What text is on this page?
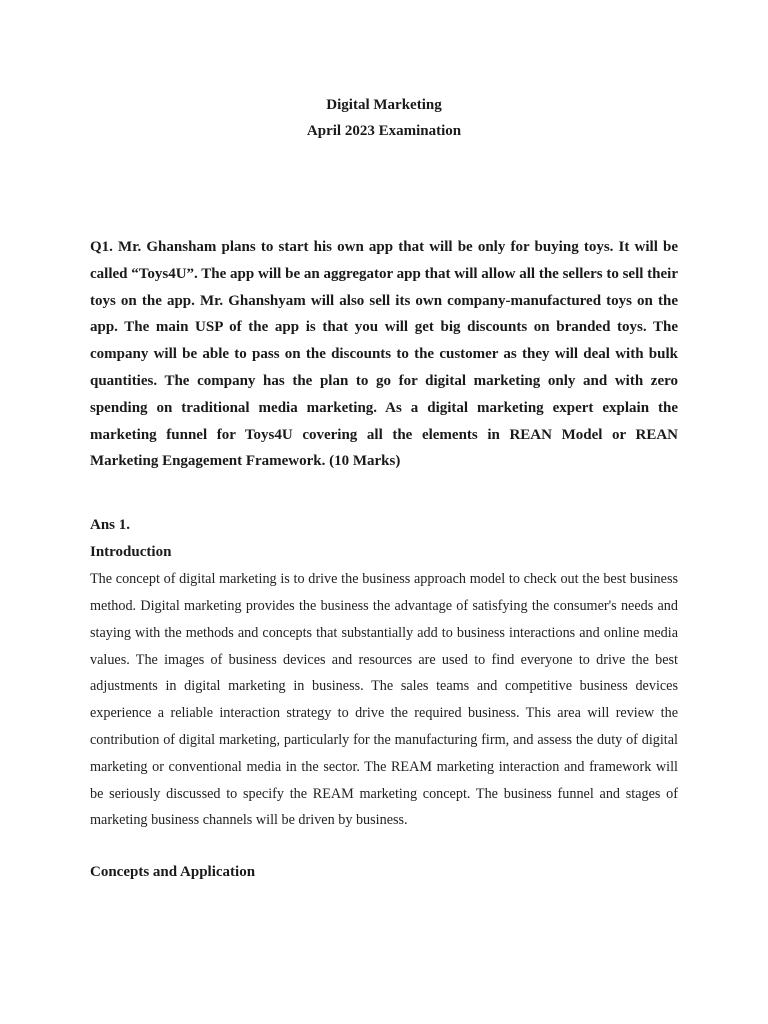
Digital Marketing
April 2023 Examination

Q1. Mr. Ghansham plans to start his own app that will be only for buying toys. It will be called “Toys4U”. The app will be an aggregator app that will allow all the sellers to sell their toys on the app. Mr. Ghanshyam will also sell its own company-manufactured toys on the app. The main USP of the app is that you will get big discounts on branded toys. The company will be able to pass on the discounts to the customer as they will deal with bulk quantities. The company has the plan to go for digital marketing only and with zero spending on traditional media marketing. As a digital marketing expert explain the marketing funnel for Toys4U covering all the elements in REAN Model or REAN Marketing Engagement Framework. (10 Marks)

Ans 1.

Introduction

The concept of digital marketing is to drive the business approach model to check out the best business method. Digital marketing provides the business the advantage of satisfying the consumer's needs and staying with the methods and concepts that substantially add to business interactions and online media values. The images of business devices and resources are used to find everyone to drive the best adjustments in digital marketing in business. The sales teams and competitive business devices experience a reliable interaction strategy to drive the required business. This area will review the contribution of digital marketing, particularly for the manufacturing firm, and assess the duty of digital marketing or conventional media in the sector. The REAM marketing interaction and framework will be seriously discussed to specify the REAM marketing concept. The business funnel and stages of marketing business channels will be driven by business.

Concepts and Application
